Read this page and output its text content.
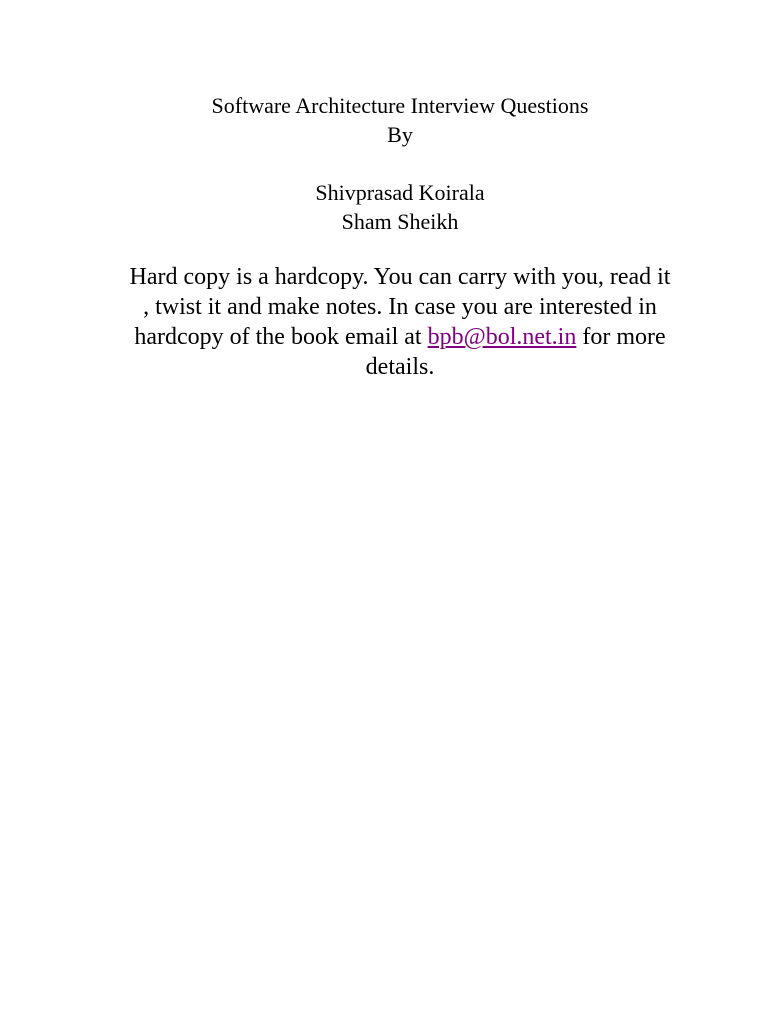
Software Architecture Interview Questions
By
Shivprasad Koirala
Sham Sheikh
Hard copy is a hardcopy. You can carry with you, read it
, twist it and make notes. In case you are interested in
hardcopy of the book email at bpb@bol.net.in for more
details.
